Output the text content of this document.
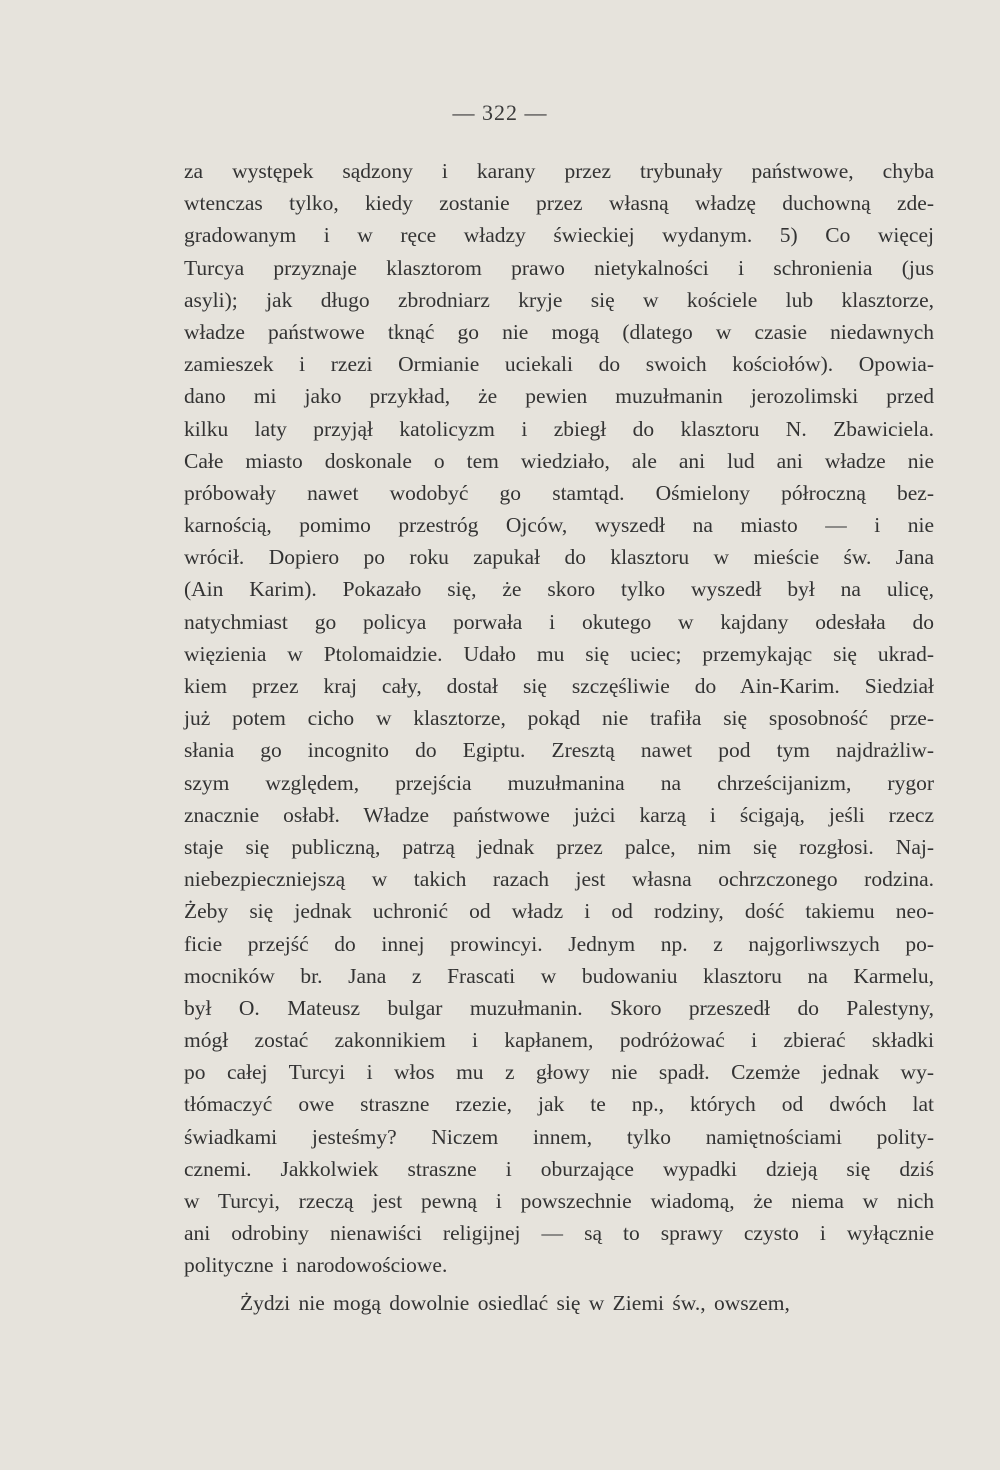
— 322 —
za występek sądzony i karany przez trybunały państwowe, chyba
wtenczas tylko, kiedy zostanie przez własną władzę duchowną zde-
gradowanym i w ręce władzy świeckiej wydanym. 5) Co więcej
Turcya przyznaje klasztorom prawo nietykalności i schronienia (jus
asyli); jak długo zbrodniarz kryje się w kościele lub klasztorze,
władze państwowe tknąć go nie mogą (dlatego w czasie niedawnych
zamieszek i rzezi Ormianie uciekali do swoich kościołów). Opowia-
dano mi jako przykład, że pewien muzułmanin jerozolimski przed
kilku laty przyjął katolicyzm i zbiegł do klasztoru N. Zbawiciela.
Całe miasto doskonale o tem wiedziało, ale ani lud ani władze nie
próbowały nawet wodobyć go stamtąd. Ośmielony półroczną bez-
karnością, pomimo przestróg Ojców, wyszedł na miasto — i nie
wrócił. Dopiero po roku zapukał do klasztoru w mieście św. Jana
(Ain Karim). Pokazało się, że skoro tylko wyszedł był na ulicę,
natychmiast go policya porwała i okutego w kajdany odesłała do
więzienia w Ptolomaidzie. Udało mu się uciec; przemykając się ukrad-
kiem przez kraj cały, dostał się szczęśliwie do Ain-Karim. Siedział
już potem cicho w klasztorze, pokąd nie trafiła się sposobność prze-
słania go incognito do Egiptu. Zresztą nawet pod tym najdrażliw-
szym względem, przejścia muzułmanina na chrześcijanizm, rygor
znacznie osłabł. Władze państwowe jużci karzą i ścigają, jeśli rzecz
staje się publiczną, patrzą jednak przez palce, nim się rozgłosi. Naj-
niebezpieczniejszą w takich razach jest własna ochrzczonego rodzina.
Żeby się jednak uchronić od władz i od rodziny, dość takiemu neo-
ficie przejść do innej prowincyi. Jednym np. z najgorliwszych po-
mocników br. Jana z Frascati w budowaniu klasztoru na Karmelu,
był O. Mateusz bulgar muzułmanin. Skoro przeszedł do Palestyny,
mógł zostać zakonnikiem i kapłanem, podróżować i zbierać składki
po całej Turcyi i włos mu z głowy nie spadł. Czemże jednak wy-
tłómaczyć owe straszne rzezie, jak te np., których od dwóch lat
świadkami jesteśmy? Niczem innem, tylko namiętnościami polity-
cznemi. Jakkolwiek straszne i oburzające wypadki dzieją się dziś
w Turcyi, rzeczą jest pewną i powszechnie wiadomą, że niema w nich
ani odrobiny nienawiści religijnej — są to sprawy czysto i wyłącznie
polityczne i narodowościowe.
Żydzi nie mogą dowolnie osiedlać się w Ziemi św., owszem,
